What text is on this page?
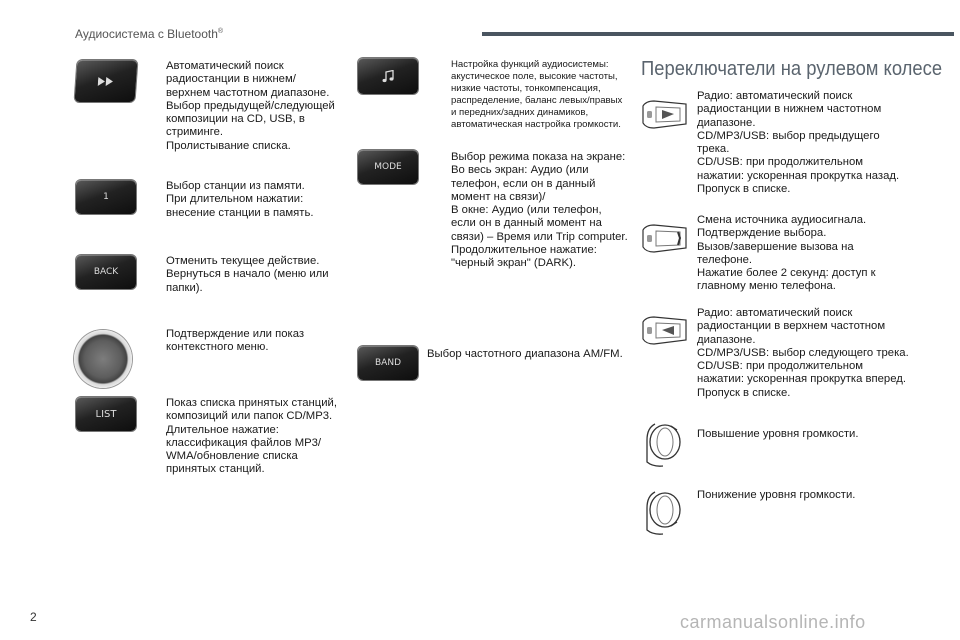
Аудиосистема с Bluetooth®
Автоматический поиск
радиостанции в нижнем/
верхнем частотном диапазоне.
Выбор предыдущей/следующей
композиции на CD, USB, в
стриминге.
Пролистывание списка.
1
Выбор станции из памяти.
При длительном нажатии:
внесение станции в память.
BACK
Отменить текущее действие.
Вернуться в начало (меню или
папки).
Подтверждение или показ
контекстного меню.
LIST
Показ списка принятых станций,
композиций или папок CD/MP3.
Длительное нажатие:
классификация файлов MP3/
WMA/обновление списка
принятых станций.
Настройка функций аудиосистемы:
акустическое поле, высокие частоты,
низкие частоты, тонкомпенсация,
распределение, баланс левых/правых
и передних/задних динамиков,
автоматическая настройка громкости.
MODE
Выбор режима показа на экране:
Во весь экран: Аудио (или
телефон, если он в данный
момент на связи)/
В окне: Аудио (или телефон,
если он в данный момент на
связи) – Время или Trip computer.
Продолжительное нажатие:
"черный экран" (DARK).
BAND
Выбор частотного диапазона AM/FM.
Переключатели на рулевом колесе
Радио: автоматический поиск
радиостанции в нижнем частотном
диапазоне.
CD/MP3/USB: выбор предыдущего
трека.
CD/USB: при продолжительном
нажатии: ускоренная прокрутка назад.
Пропуск в списке.
Смена источника аудиосигнала.
Подтверждение выбора.
Вызов/завершение вызова на
телефоне.
Нажатие более 2 секунд: доступ к
главному меню телефона.
Радио: автоматический поиск
радиостанции в верхнем частотном
диапазоне.
CD/MP3/USB: выбор следующего трека.
CD/USB: при продолжительном
нажатии: ускоренная прокрутка вперед.
Пропуск в списке.
Повышение уровня громкости.
Понижение уровня громкости.
2	carmanualsonline.info
